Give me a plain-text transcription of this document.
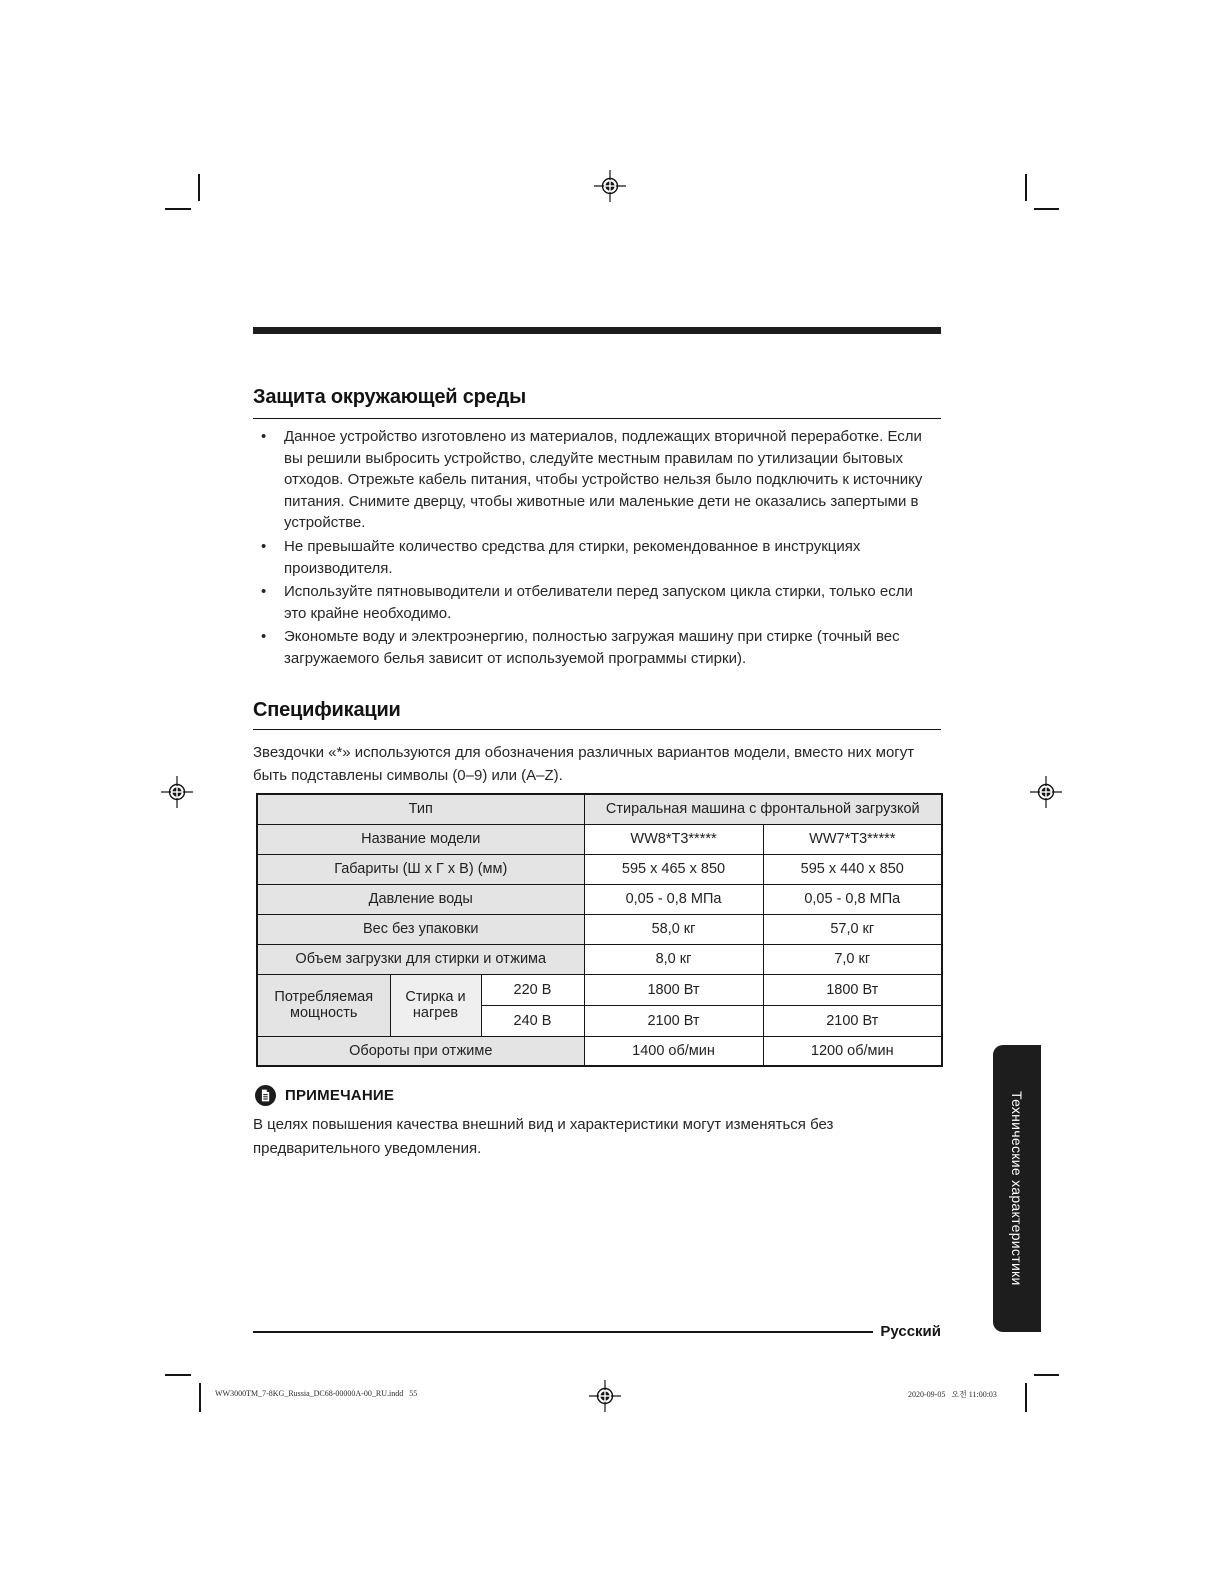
Защита окружающей среды
• Данное устройство изготовлено из материалов, подлежащих вторичной переработке. Если вы решили выбросить устройство, следуйте местным правилам по утилизации бытовых отходов. Отрежьте кабель питания, чтобы устройство нельзя было подключить к источнику питания. Снимите дверцу, чтобы животные или маленькие дети не оказались запертыми в устройстве.
• Не превышайте количество средства для стирки, рекомендованное в инструкциях производителя.
• Используйте пятновыводители и отбеливатели перед запуском цикла стирки, только если это крайне необходимо.
• Экономьте воду и электроэнергию, полностью загружая машину при стирке (точный вес загружаемого белья зависит от используемой программы стирки).
Спецификации

Звездочки «*» используются для обозначения различных вариантов модели, вместо них могут быть подставлены символы (0–9) или (A–Z).

Тип			Стиральная машина с фронтальной загрузкой	
Название модели			WW8*T3*****	WW7*T3*****
Габариты (Ш x Г x В) (мм)			595 x 465 x 850	595 x 440 x 850
Давление воды			0,05 - 0,8 МПа	0,05 - 0,8 МПа
Вес без упаковки			58,0 кг	57,0 кг
Объем загрузки для стирки и отжима			8,0 кг	7,0 кг
Потребляемая мощность	Стирка и нагрев	220 В	1800 Вт	1800 Вт
		240 В	2100 Вт	2100 Вт
Обороты при отжиме			1400 об/мин	1200 об/мин
ПРИМЕЧАНИЕ

В целях повышения качества внешний вид и характеристики могут изменяться без предварительного уведомления.	Технические характеристики
Русский
WW3000TM_7-8KG_Russia_DC68-00000A-00_RU.indd   55	2020-09-05   오전 11:00:03
